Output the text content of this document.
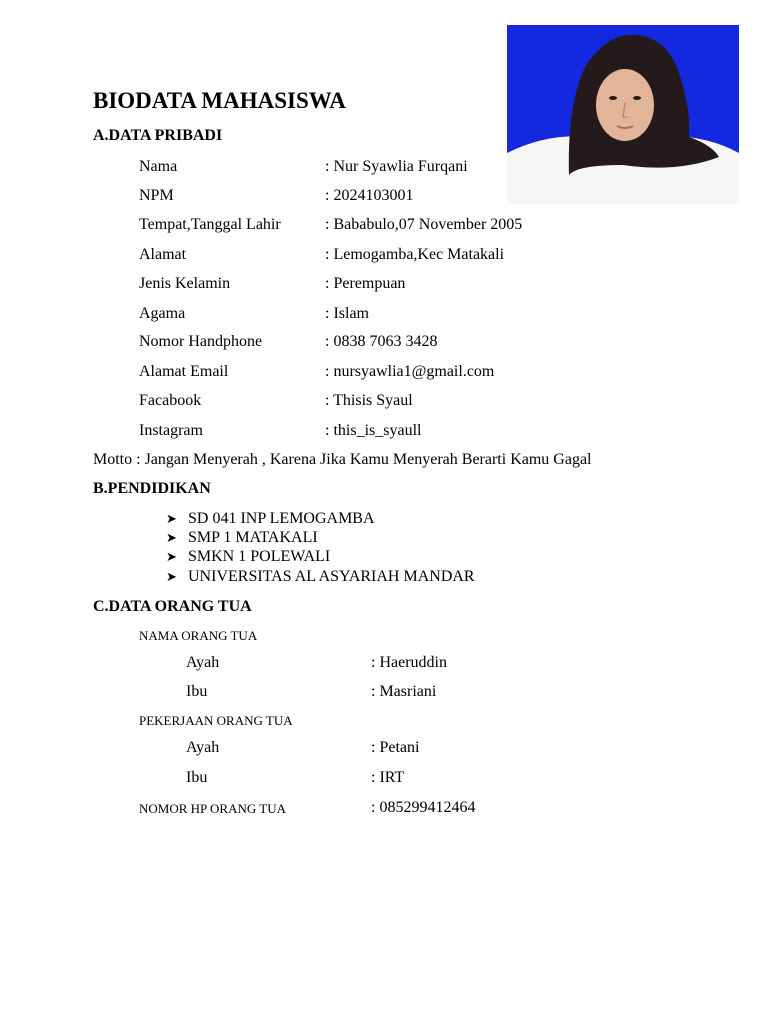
BIODATA MAHASISWA
A.DATA PRIBADI
Nama	: Nur Syawlia Furqani
NPM	: 2024103001
Tempat,Tanggal Lahir	: Bababulo,07 November 2005
Alamat	: Lemogamba,Kec Matakali
Jenis Kelamin	: Perempuan
Agama	: Islam
Nomor Handphone	: 0838 7063 3428
Alamat Email	: nursyawlia1@gmail.com
Facabook	: Thisis Syaul
Instagram	: this_is_syaull
Motto : Jangan Menyerah , Karena Jika Kamu Menyerah Berarti Kamu Gagal
B.PENDIDIKAN
➤ SD 041 INP LEMOGAMBA
➤ SMP 1 MATAKALI
➤ SMKN 1 POLEWALI
➤ UNIVERSITAS AL ASYARIAH MANDAR
C.DATA ORANG TUA
NAMA ORANG TUA
Ayah	: Haeruddin
Ibu	: Masriani
PEKERJAAN ORANG TUA
Ayah	: Petani
Ibu	: IRT
NOMOR HP ORANG TUA	: 085299412464
